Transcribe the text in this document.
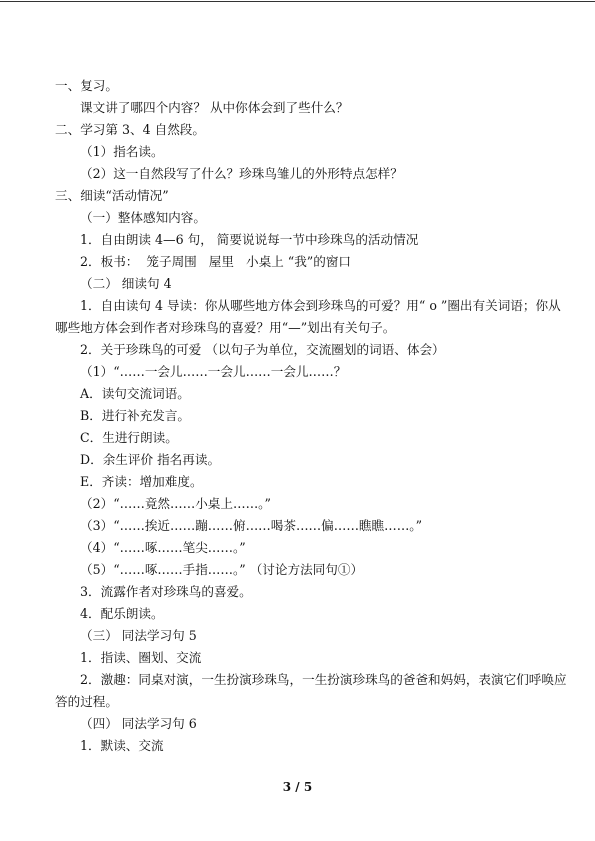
一、复习。
课文讲了哪四个内容？ 从中你体会到了些什么？
二、学习第 3、4 自然段。
（1）指名读。
（2）这一自然段写了什么？珍珠鸟雏儿的外形特点怎样？
三、细读“活动情况”
（一）整体感知内容。
1．自由朗读 4—6 句， 简要说说每一节中珍珠鸟的活动情况
2．板书：  笼子周围   屋里   小桌上 “我”的窗口
（二） 细读句 4
1．自由读句 4 导读：你从哪些地方体会到珍珠鸟的可爱？用“ o ”圈出有关词语；你从
哪些地方体会到作者对珍珠鸟的喜爱？用“—”划出有关句子。
2．关于珍珠鸟的可爱 （以句子为单位，交流圈划的词语、体会）
（1）“……一会儿……一会儿……一会儿……？
A．读句交流词语。
B．进行补充发言。
C．生进行朗读。
D．余生评价 指名再读。
E．齐读：增加难度。
（2）“……竟然……小桌上……。”
（3）“……挨近……蹦……俯……喝茶……偏……瞧瞧……。”
（4）“……啄……笔尖……。”
（5）“……啄……手指……。” （讨论方法同句①）
3．流露作者对珍珠鸟的喜爱。
4．配乐朗读。
（三） 同法学习句 5
1．指读、圈划、交流
2．激趣：同桌对演，一生扮演珍珠鸟，一生扮演珍珠鸟的爸爸和妈妈，表演它们呼唤应
答的过程。
（四） 同法学习句 6
1．默读、交流
3 / 5
